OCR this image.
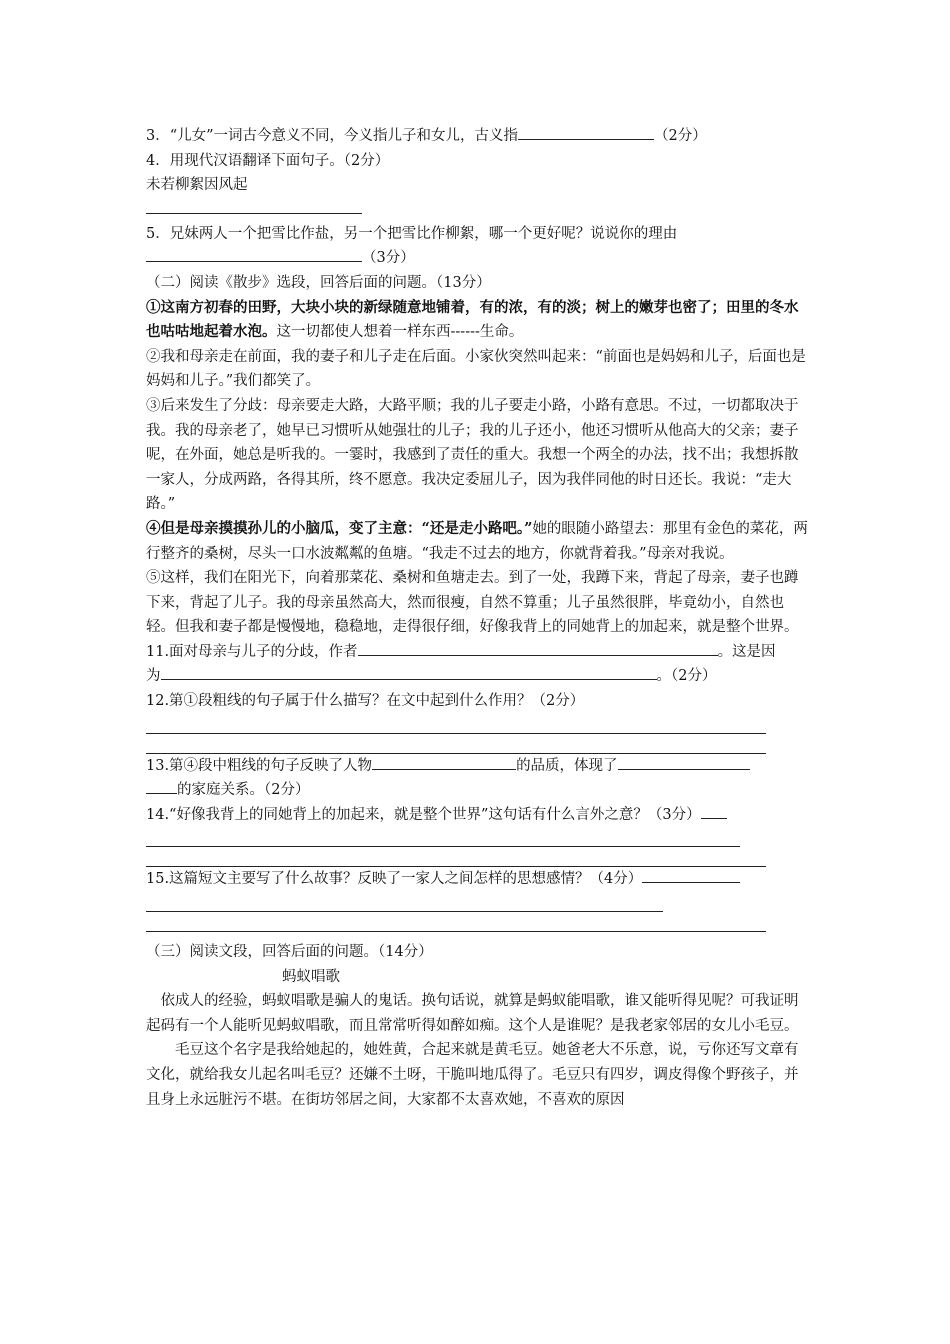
3．“儿女”一词古今意义不同，今义指儿子和女儿，古义指	（2分）
4．用现代汉语翻译下面句子。（2分）
未若柳絮因风起
5．兄妹两人一个把雪比作盐，另一个把雪比作柳絮，哪一个更好呢？说说你的理由
（3分）
（二）阅读《散步》选段，回答后面的问题。（13分）
①这南方初春的田野，大块小块的新绿随意地铺着，有的浓，有的淡；树上的嫩芽也密了；田里的冬水也咕咕地起着水泡。这一切都使人想着一样东西------生命。
②我和母亲走在前面，我的妻子和儿子走在后面。小家伙突然叫起来：“前面也是妈妈和儿子，后面也是妈妈和儿子。”我们都笑了。
③后来发生了分歧：母亲要走大路，大路平顺；我的儿子要走小路，小路有意思。不过，一切都取决于我。我的母亲老了，她早已习惯听从她强壮的儿子；我的儿子还小，他还习惯听从他高大的父亲；妻子呢，在外面，她总是听我的。一霎时，我感到了责任的重大。我想一个两全的办法，找不出；我想拆散一家人，分成两路，各得其所，终不愿意。我决定委屈儿子，因为我伴同他的时日还长。我说：“走大路。”
④但是母亲摸摸孙儿的小脑瓜，变了主意：“还是走小路吧。”她的眼随小路望去：那里有金色的菜花，两行整齐的桑树，尽头一口水波粼粼的鱼塘。“我走不过去的地方，你就背着我。”母亲对我说。
⑤这样，我们在阳光下，向着那菜花、桑树和鱼塘走去。到了一处，我蹲下来，背起了母亲，妻子也蹲下来，背起了儿子。我的母亲虽然高大，然而很瘦，自然不算重；儿子虽然很胖，毕竟幼小，自然也轻。但我和妻子都是慢慢地，稳稳地，走得很仔细，好像我背上的同她背上的加起来，就是整个世界。
11.面对母亲与儿子的分歧，作者	。这是因
为	。（2分）
12.第①段粗线的句子属于什么描写？在文中起到什么作用？（2分）
13.第④段中粗线的句子反映了人物	的品质，体现了
的家庭关系。（2分）
14.“好像我背上的同她背上的加起来，就是整个世界”这句话有什么言外之意？（3分）
15.这篇短文主要写了什么故事？反映了一家人之间怎样的思想感情？（4分）
（三）阅读文段，回答后面的问题。（14分）
蚂蚁唱歌
依成人的经验，蚂蚁唱歌是骗人的鬼话。换句话说，就算是蚂蚁能唱歌，谁又能听得见呢？可我证明起码有一个人能听见蚂蚁唱歌，而且常常听得如醉如痴。这个人是谁呢？是我老家邻居的女儿小毛豆。
毛豆这个名字是我给她起的，她姓黄，合起来就是黄毛豆。她爸老大不乐意，说，亏你还写文章有文化，就给我女儿起名叫毛豆？还嫌不土呀，干脆叫地瓜得了。毛豆只有四岁，调皮得像个野孩子，并且身上永远脏污不堪。在街坊邻居之间，大家都不太喜欢她，不喜欢的原因
